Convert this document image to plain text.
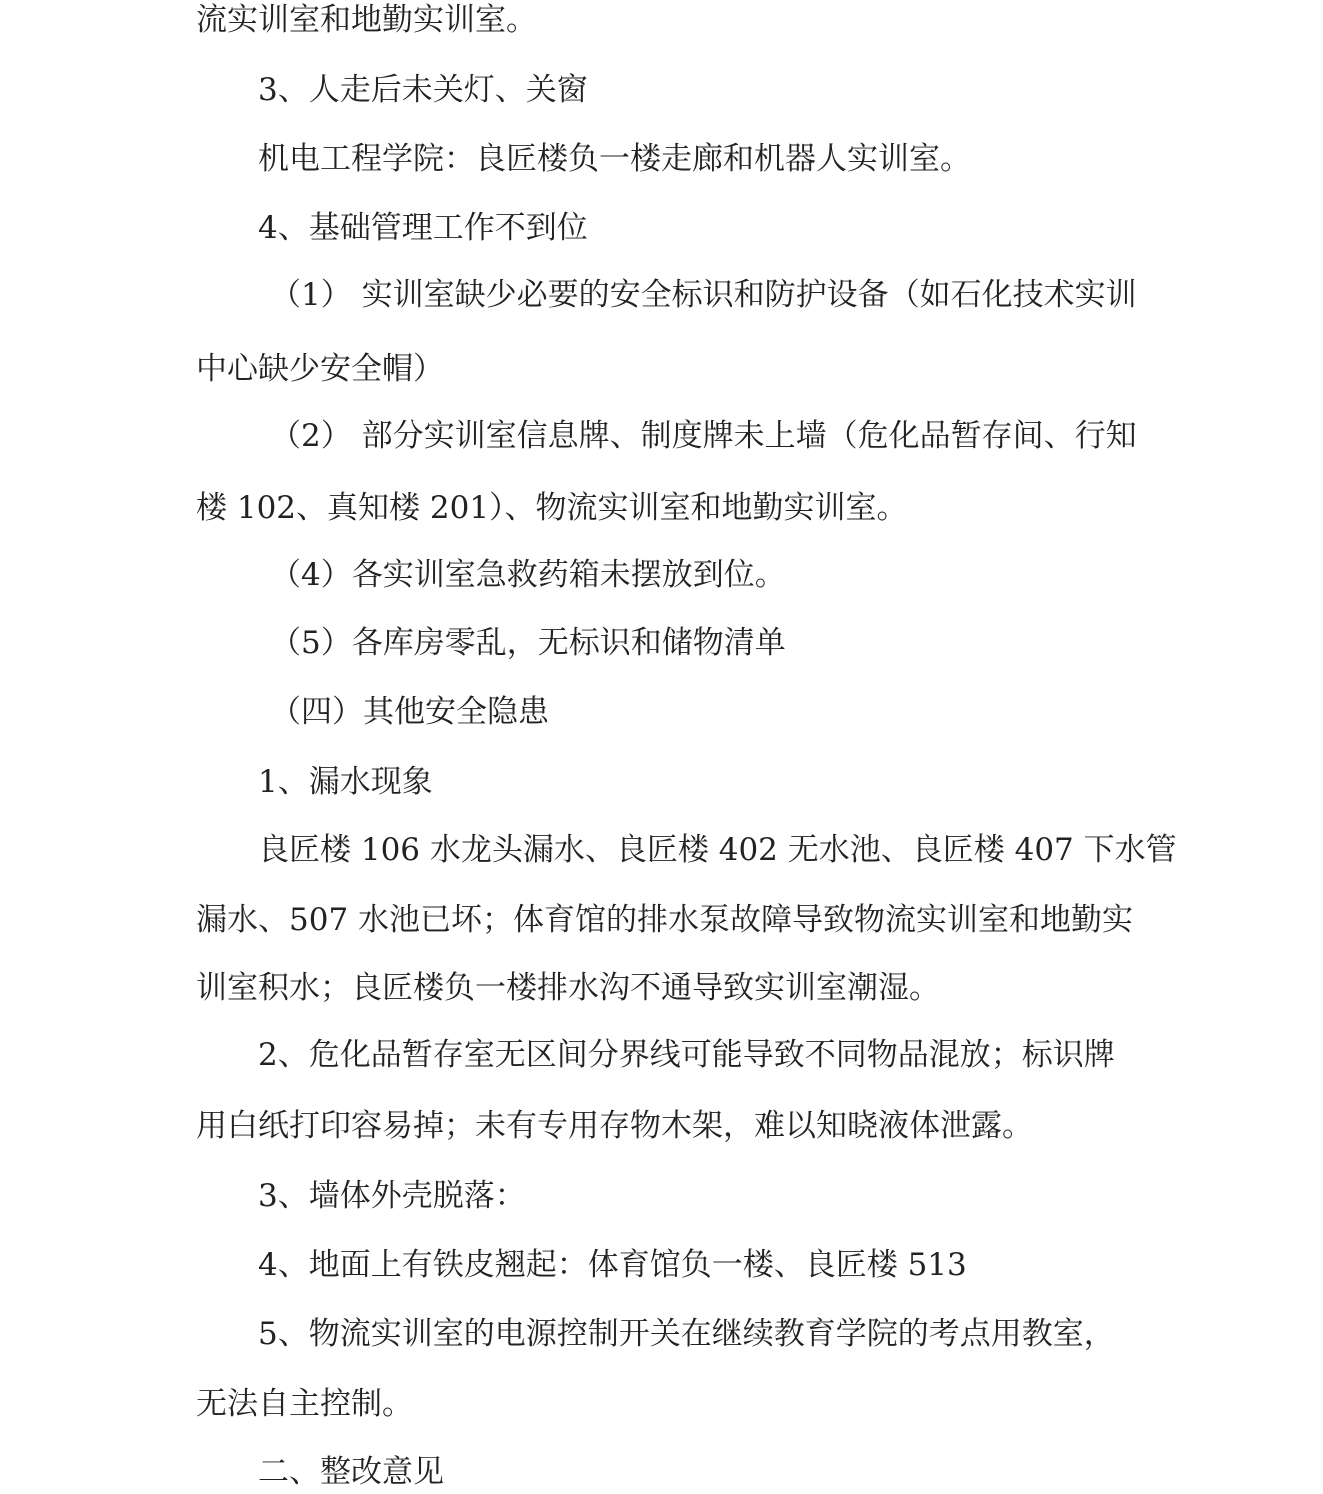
流实训室和地勤实训室。
3、人走后未关灯、关窗
机电工程学院：良匠楼负一楼走廊和机器人实训室。
4、基础管理工作不到位
（1） 实训室缺少必要的安全标识和防护设备（如石化技术实训
中心缺少安全帽）
（2） 部分实训室信息牌、制度牌未上墙（危化品暂存间、行知
楼 102、真知楼 201）、物流实训室和地勤实训室。
（4）各实训室急救药箱未摆放到位。
（5）各库房零乱，无标识和储物清单
（四）其他安全隐患
1、漏水现象
良匠楼 106 水龙头漏水、良匠楼 402 无水池、良匠楼 407 下水管
漏水、507 水池已坏；体育馆的排水泵故障导致物流实训室和地勤实
训室积水；良匠楼负一楼排水沟不通导致实训室潮湿。
2、危化品暂存室无区间分界线可能导致不同物品混放；标识牌
用白纸打印容易掉；未有专用存物木架，难以知晓液体泄露。
3、墙体外壳脱落：
4、地面上有铁皮翘起：体育馆负一楼、良匠楼 513
5、物流实训室的电源控制开关在继续教育学院的考点用教室，
无法自主控制。
二、整改意见
